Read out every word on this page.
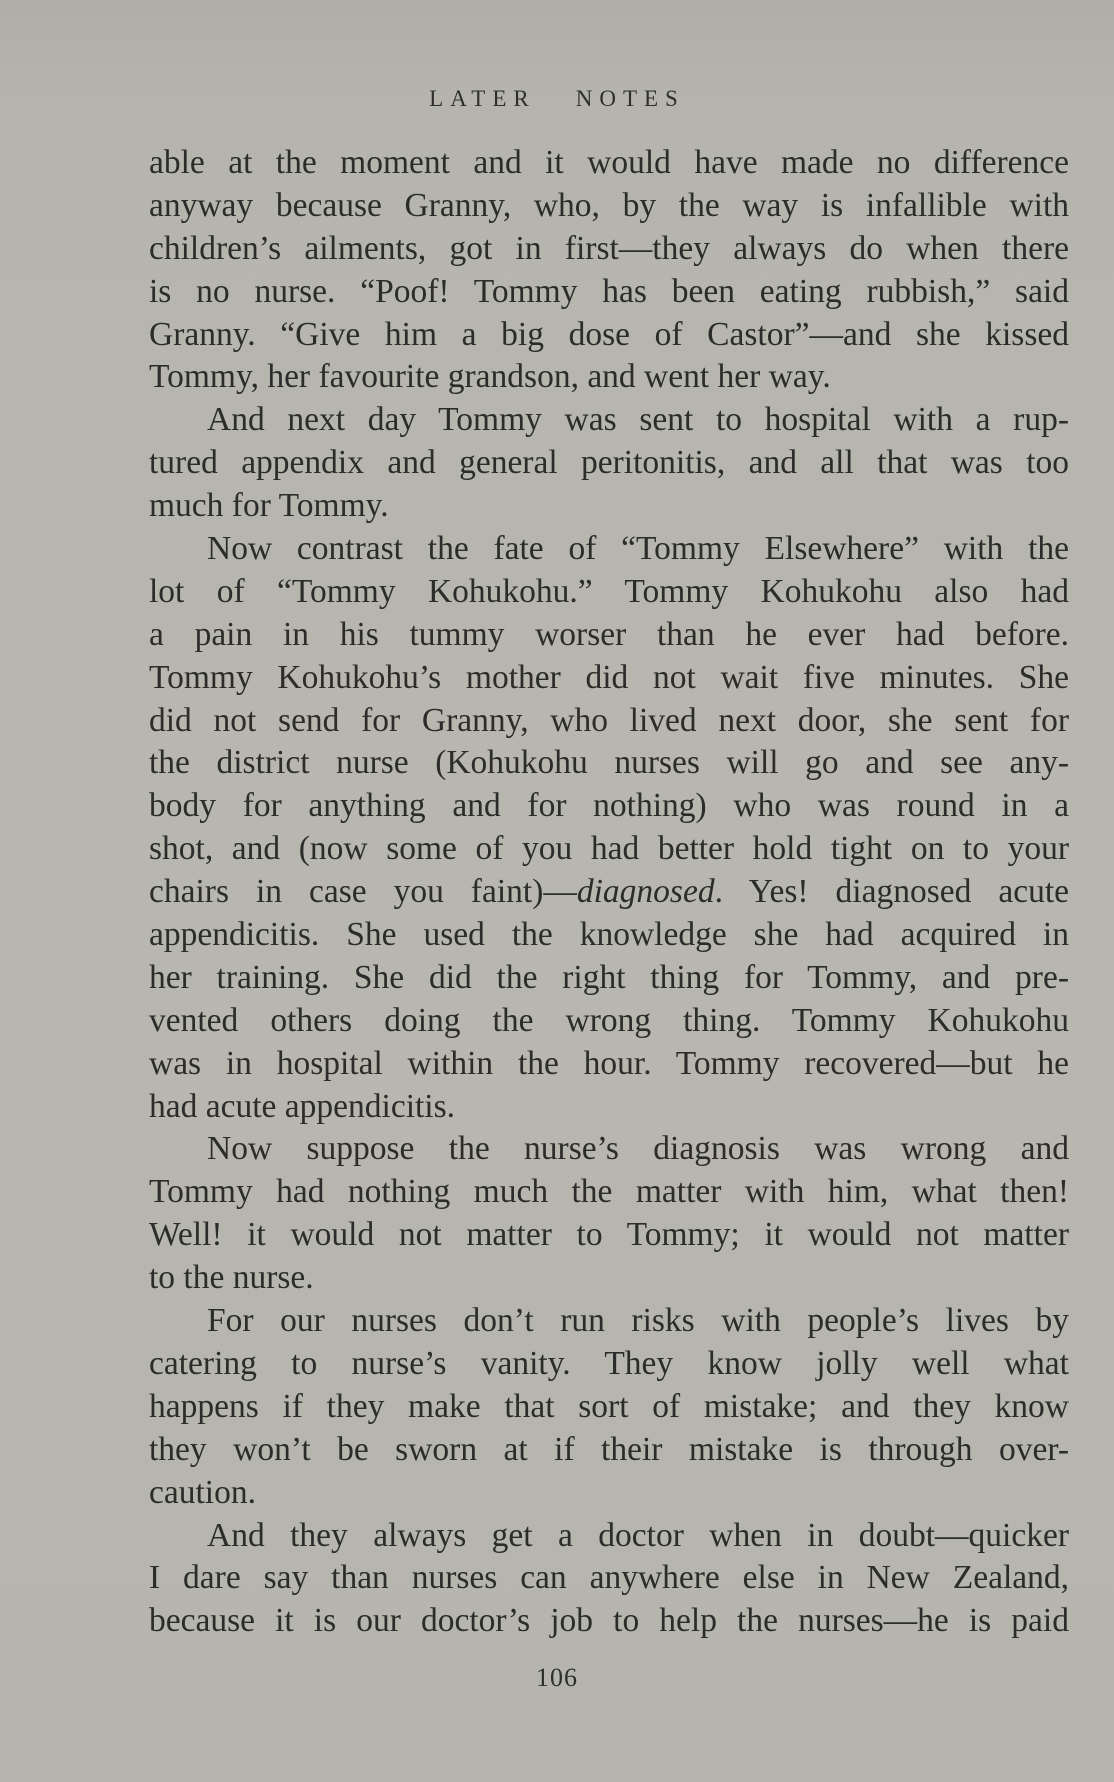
LATER NOTES
able at the moment and it would have made no difference
anyway because Granny, who, by the way is infallible with
children’s ailments, got in first—they always do when there
is no nurse. “Poof! Tommy has been eating rubbish,” said
Granny. “Give him a big dose of Castor”—and she kissed
Tommy, her favourite grandson, and went her way.
And next day Tommy was sent to hospital with a rup-
tured appendix and general peritonitis, and all that was too
much for Tommy.
Now contrast the fate of “Tommy Elsewhere” with the
lot of “Tommy Kohukohu.” Tommy Kohukohu also had
a pain in his tummy worser than he ever had before.
Tommy Kohukohu’s mother did not wait five minutes. She
did not send for Granny, who lived next door, she sent for
the district nurse (Kohukohu nurses will go and see any-
body for anything and for nothing) who was round in a
shot, and (now some of you had better hold tight on to your
chairs in case you faint)—diagnosed. Yes! diagnosed acute
appendicitis. She used the knowledge she had acquired in
her training. She did the right thing for Tommy, and pre-
vented others doing the wrong thing. Tommy Kohukohu
was in hospital within the hour. Tommy recovered—but he
had acute appendicitis.
Now suppose the nurse’s diagnosis was wrong and
Tommy had nothing much the matter with him, what then!
Well! it would not matter to Tommy; it would not matter
to the nurse.
For our nurses don’t run risks with people’s lives by
catering to nurse’s vanity. They know jolly well what
happens if they make that sort of mistake; and they know
they won’t be sworn at if their mistake is through over-
caution.
And they always get a doctor when in doubt—quicker
I dare say than nurses can anywhere else in New Zealand,
because it is our doctor’s job to help the nurses—he is paid
106
